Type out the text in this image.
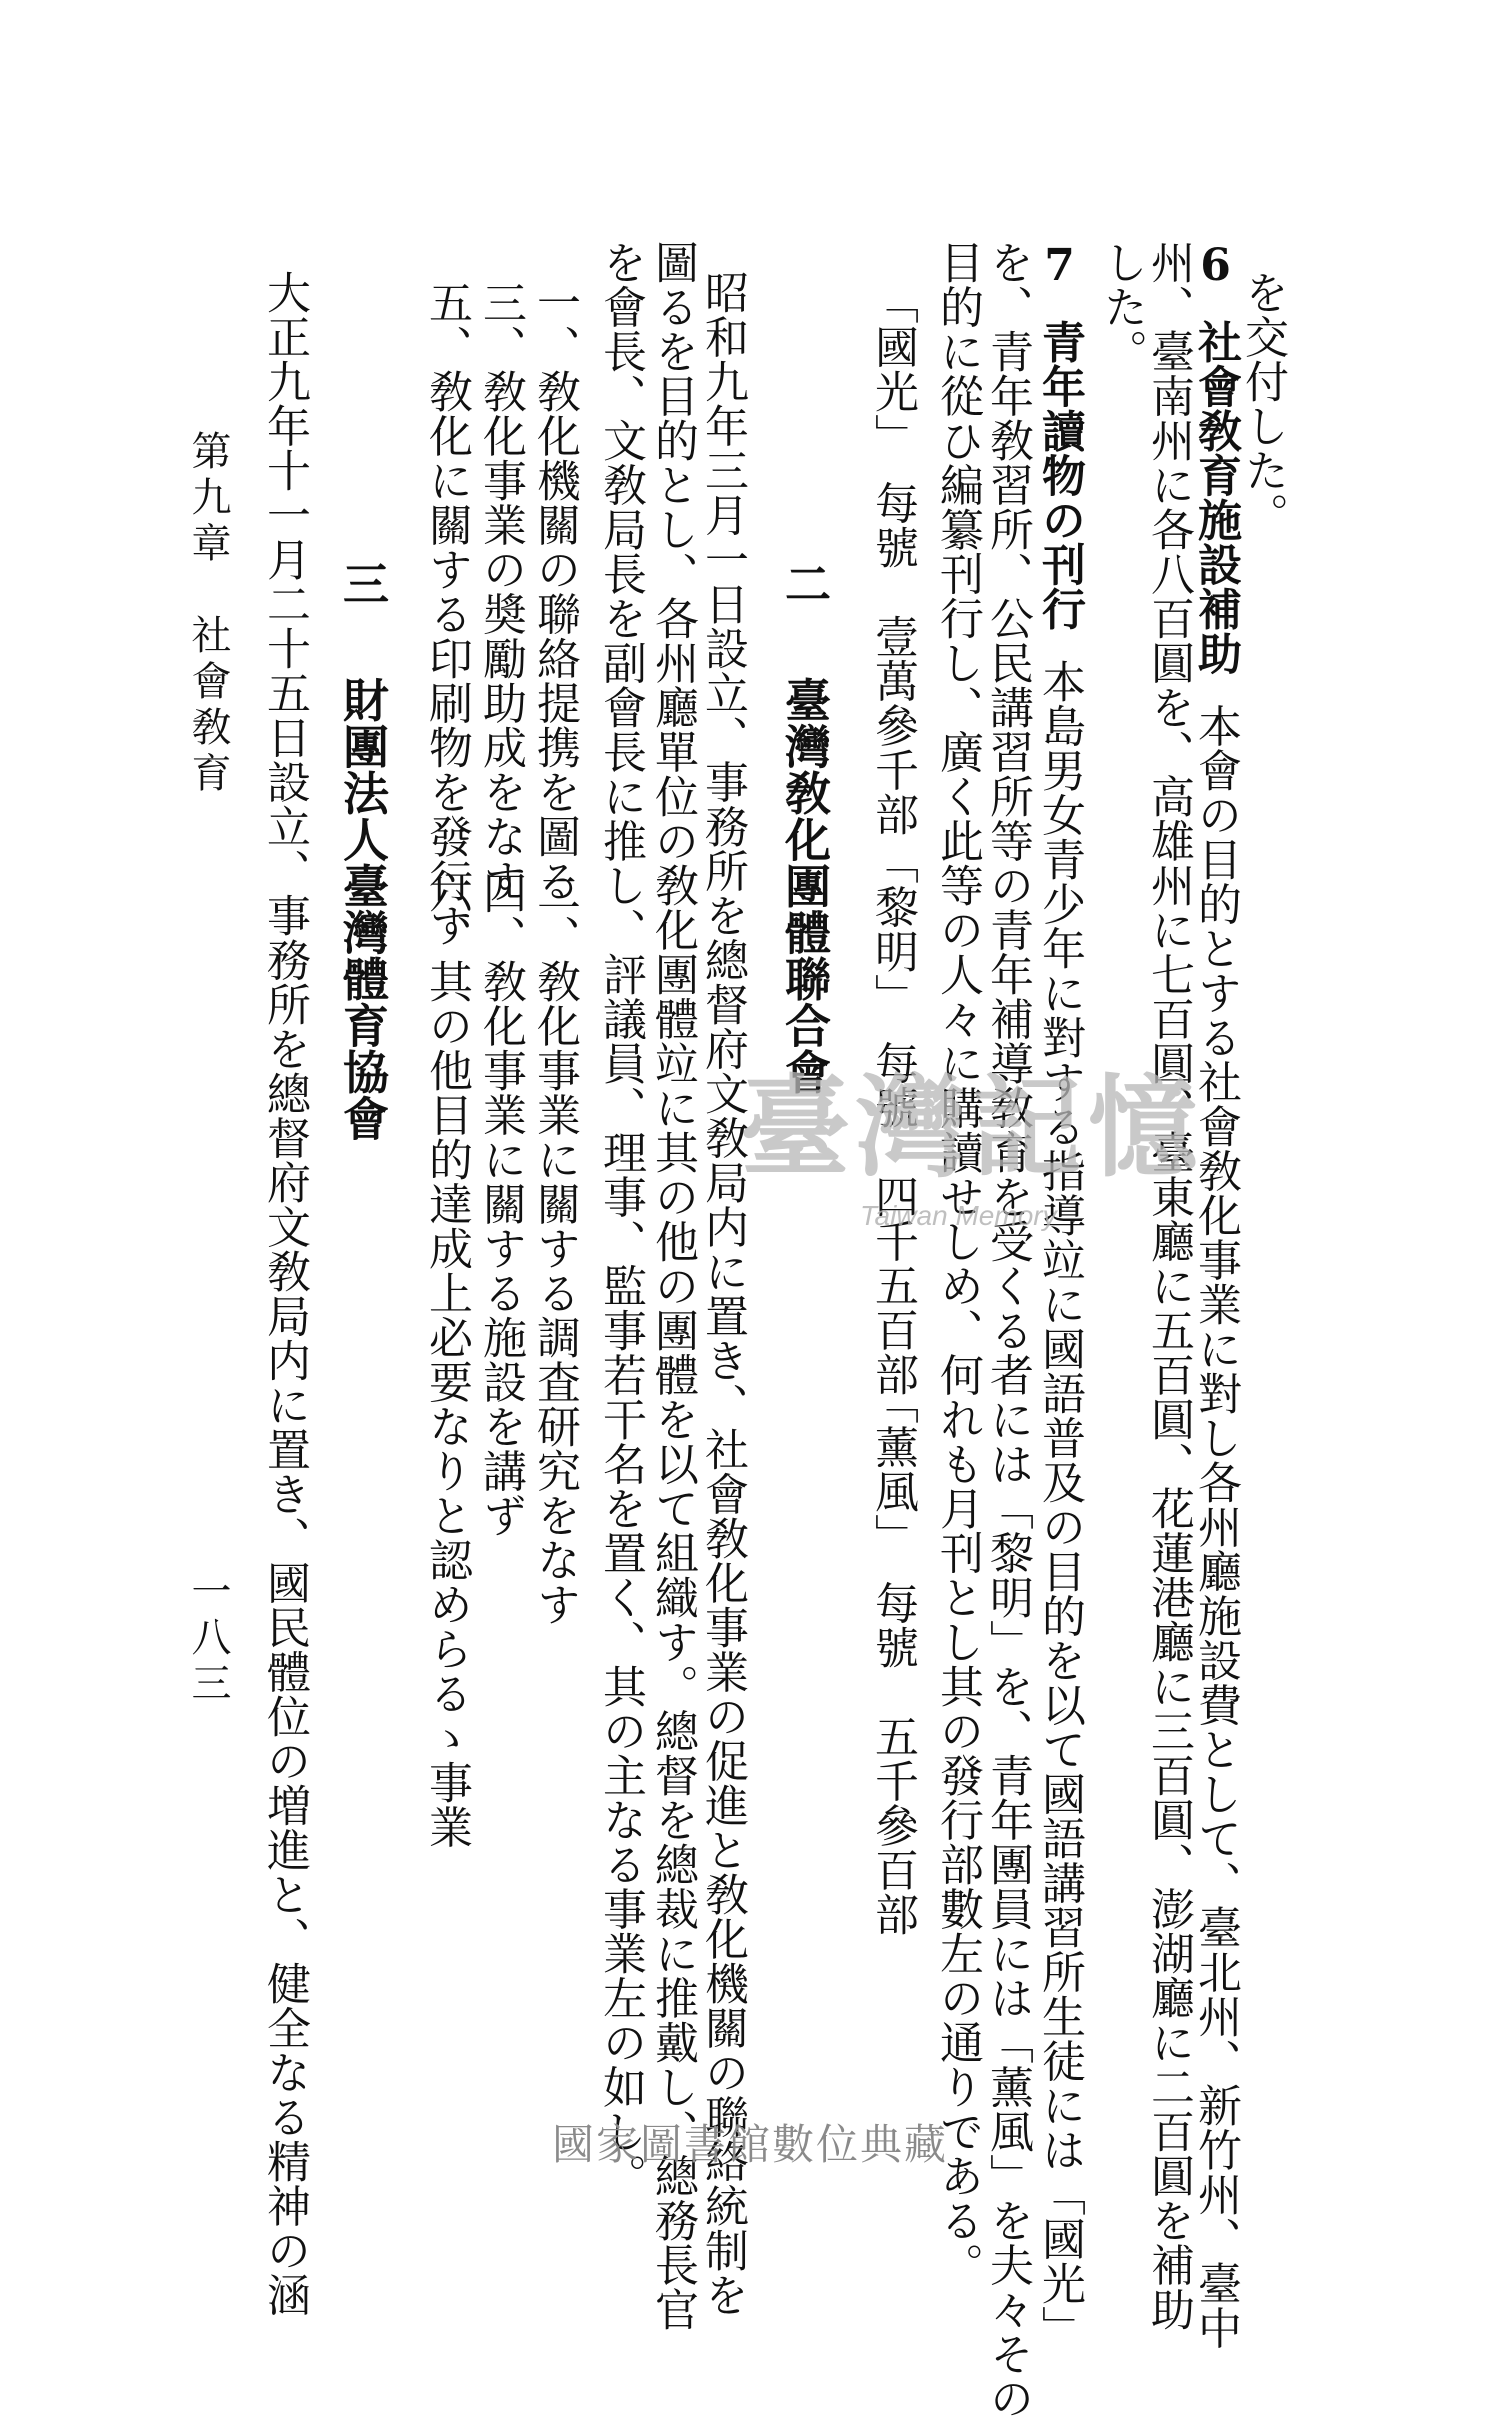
を交付した。
6社會敎育施設補助本會の目的とする社會敎化事業に對し各州廳施設費として、臺北州、新竹州、臺中
州、臺南州に各八百圓を、高雄州に七百圓、臺東廳に五百圓、花蓮港廳に三百圓、澎湖廳に二百圓を補助
した。
7青年讀物の刊行本島男女青少年に對する指導竝に國語普及の目的を以て國語講習所生徒には「國光」
を、青年敎習所、公民講習所等の青年補導敎育を受くる者には「黎明」を、青年團員には「薰風」を夫々その
目的に從ひ編纂刊行し、廣く此等の人々に購讀せしめ、何れも月刊とし其の發行部數左の通りである。
「國光」　每號　壹萬參千部
「黎明」　每號　四千五百部
「薰風」　每號　五千參百部
二臺灣敎化團體聯合會
昭和九年三月一日設立、事務所を總督府文敎局内に置き、社會敎化事業の促進と敎化機關の聯絡統制を
圖るを目的とし、各州廳單位の敎化團體竝に其の他の團體を以て組織す。總督を總裁に推戴し、總務長官
を會長、文敎局長を副會長に推し、評議員、理事、監事若干名を置く、其の主なる事業左の如し。
一、敎化機關の聯絡提携を圖る
二、敎化事業に關する調査研究をなす
三、敎化事業の奬勵助成をなす
四、敎化事業に關する施設を講ず
五、敎化に關する印刷物を發行す
六、其の他目的達成上必要なりと認めらるゝ事業
三財團法人臺灣體育協會
大正九年十一月二十五日設立、事務所を總督府文敎局内に置き、國民體位の増進と、健全なる精神の涵
第九章　社會敎育
一八三
臺灣記憶
Taiwan Memory
國家圖書館數位典藏
